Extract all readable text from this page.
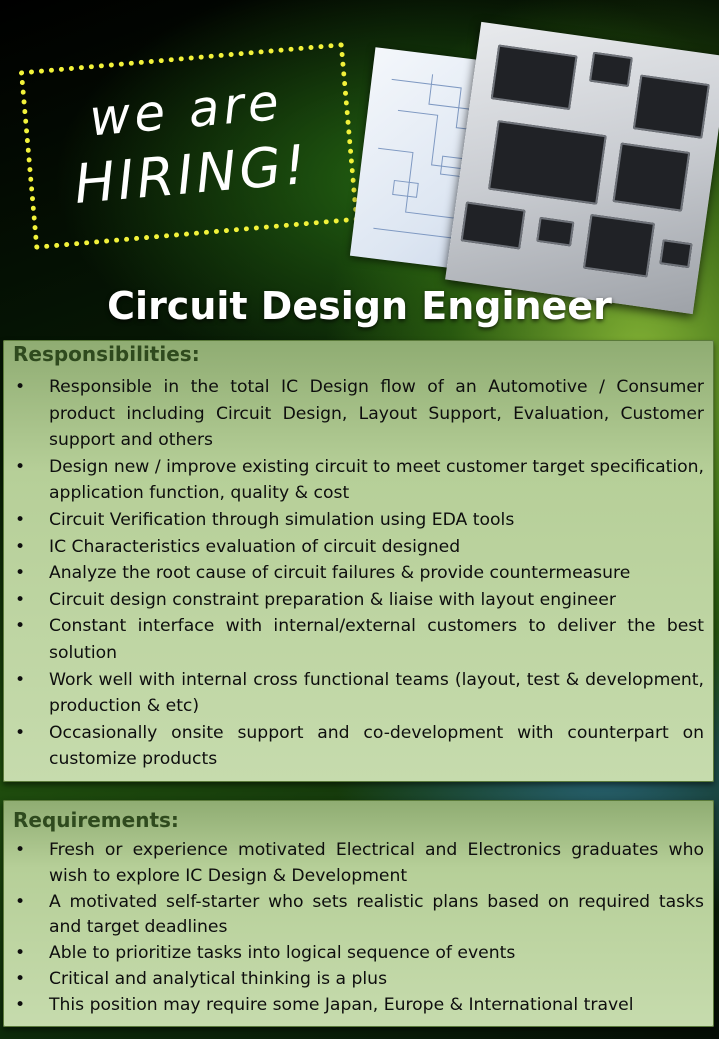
we are
HIRING!
Circuit Design Engineer
Responsibilities:
• Responsible in the total IC Design flow of an Automotive / Consumer product including Circuit Design, Layout Support, Evaluation, Customer support and others
• Design new / improve existing circuit to meet customer target specification, application function, quality & cost
• Circuit Verification through simulation using EDA tools
• IC Characteristics evaluation of circuit designed
• Analyze the root cause of circuit failures & provide countermeasure
• Circuit design constraint preparation & liaise with layout engineer
• Constant interface with internal/external customers to deliver the best solution
• Work well with internal cross functional teams (layout, test & development, production & etc)
• Occasionally onsite support and co-development with counterpart on customize products
Requirements:
• Fresh or experience motivated Electrical and Electronics graduates who wish to explore IC Design & Development
• A motivated self-starter who sets realistic plans based on required tasks and target deadlines
• Able to prioritize tasks into logical sequence of events
• Critical and analytical thinking is a plus
• This position may require some Japan, Europe & International travel
